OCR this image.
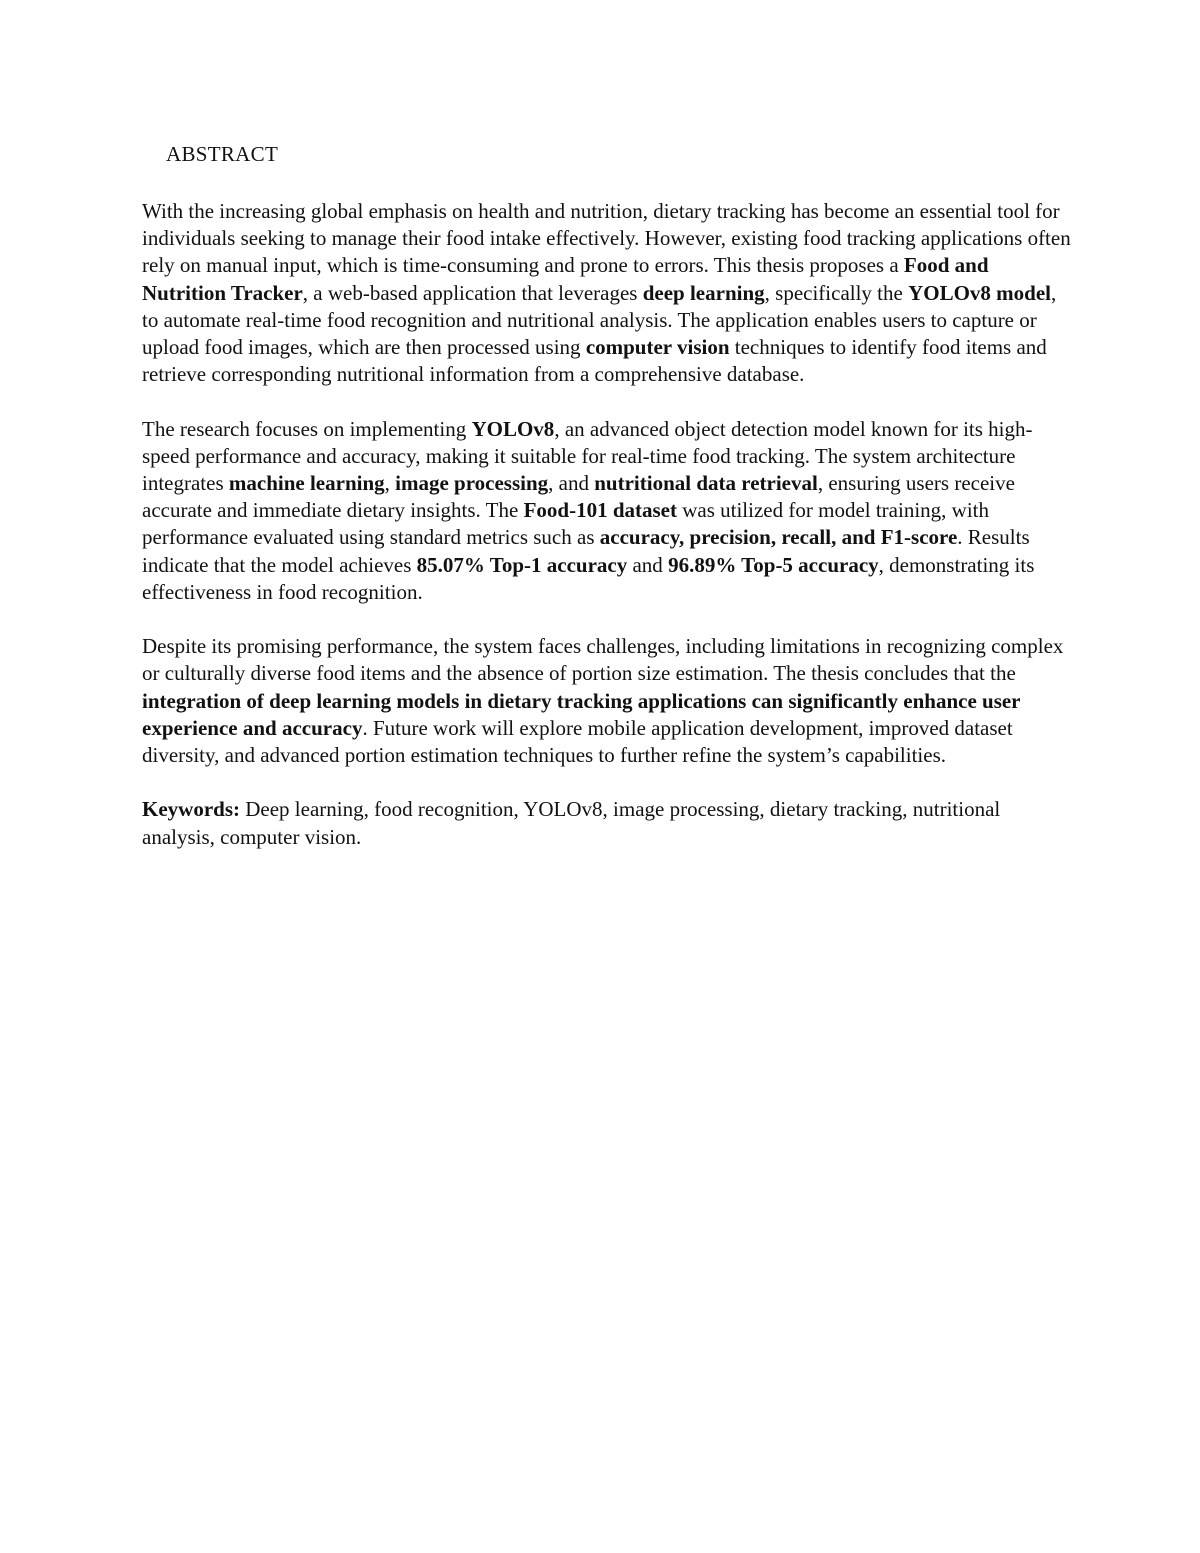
ABSTRACT

With the increasing global emphasis on health and nutrition, dietary tracking has become an essential tool for individuals seeking to manage their food intake effectively. However, existing food tracking applications often rely on manual input, which is time-consuming and prone to errors. This thesis proposes a Food and Nutrition Tracker, a web-based application that leverages deep learning, specifically the YOLOv8 model, to automate real-time food recognition and nutritional analysis. The application enables users to capture or upload food images, which are then processed using computer vision techniques to identify food items and retrieve corresponding nutritional information from a comprehensive database.

The research focuses on implementing YOLOv8, an advanced object detection model known for its high-speed performance and accuracy, making it suitable for real-time food tracking. The system architecture integrates machine learning, image processing, and nutritional data retrieval, ensuring users receive accurate and immediate dietary insights. The Food-101 dataset was utilized for model training, with performance evaluated using standard metrics such as accuracy, precision, recall, and F1-score. Results indicate that the model achieves 85.07% Top-1 accuracy and 96.89% Top-5 accuracy, demonstrating its effectiveness in food recognition.

Despite its promising performance, the system faces challenges, including limitations in recognizing complex or culturally diverse food items and the absence of portion size estimation. The thesis concludes that the integration of deep learning models in dietary tracking applications can significantly enhance user experience and accuracy. Future work will explore mobile application development, improved dataset diversity, and advanced portion estimation techniques to further refine the system’s capabilities.

Keywords: Deep learning, food recognition, YOLOv8, image processing, dietary tracking, nutritional analysis, computer vision.
